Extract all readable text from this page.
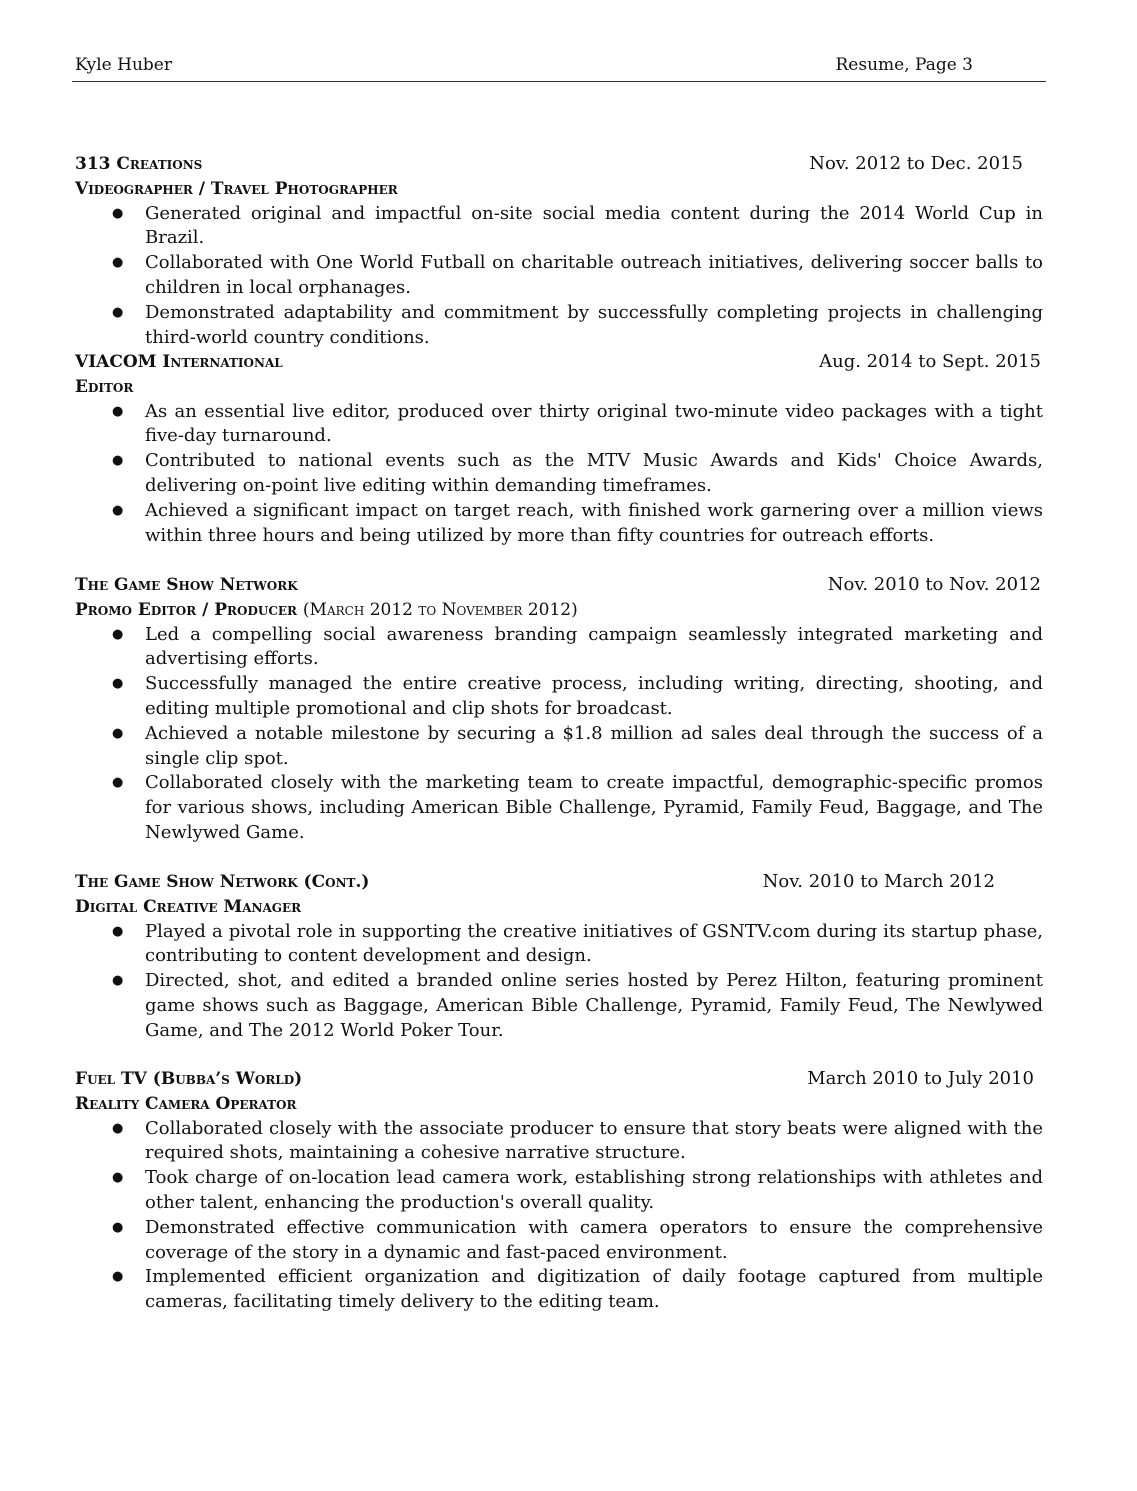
Kyle Huber	Resume, Page 3
313 Creations	Nov. 2012 to Dec. 2015
Videographer / Travel Photographer
● Generated original and impactful on-site social media content during the 2014 World Cup in Brazil.
● Collaborated with One World Futball on charitable outreach initiatives, delivering soccer balls to children in local orphanages.
● Demonstrated adaptability and commitment by successfully completing projects in challenging third-world country conditions.
VIACOM International	Aug. 2014 to Sept. 2015
Editor
● As an essential live editor, produced over thirty original two-minute video packages with a tight five-day turnaround.
● Contributed to national events such as the MTV Music Awards and Kids' Choice Awards, delivering on-point live editing within demanding timeframes.
● Achieved a significant impact on target reach, with finished work garnering over a million views within three hours and being utilized by more than fifty countries for outreach efforts.
The Game Show Network	Nov. 2010 to Nov. 2012
Promo Editor / Producer (March 2012 to November 2012)
● Led a compelling social awareness branding campaign seamlessly integrated marketing and advertising efforts.
● Successfully managed the entire creative process, including writing, directing, shooting, and editing multiple promotional and clip shots for broadcast.
● Achieved a notable milestone by securing a $1.8 million ad sales deal through the success of a single clip spot.
● Collaborated closely with the marketing team to create impactful, demographic-specific promos for various shows, including American Bible Challenge, Pyramid, Family Feud, Baggage, and The Newlywed Game.
The Game Show Network (Cont.)	Nov. 2010 to March 2012
Digital Creative Manager
● Played a pivotal role in supporting the creative initiatives of GSNTV.com during its startup phase, contributing to content development and design.
● Directed, shot, and edited a branded online series hosted by Perez Hilton, featuring prominent game shows such as Baggage, American Bible Challenge, Pyramid, Family Feud, The Newlywed Game, and The 2012 World Poker Tour.
Fuel TV (Bubba’s World)	March 2010 to July 2010
Reality Camera Operator
● Collaborated closely with the associate producer to ensure that story beats were aligned with the required shots, maintaining a cohesive narrative structure.
● Took charge of on-location lead camera work, establishing strong relationships with athletes and other talent, enhancing the production's overall quality.
● Demonstrated effective communication with camera operators to ensure the comprehensive coverage of the story in a dynamic and fast-paced environment.
● Implemented efficient organization and digitization of daily footage captured from multiple cameras, facilitating timely delivery to the editing team.
